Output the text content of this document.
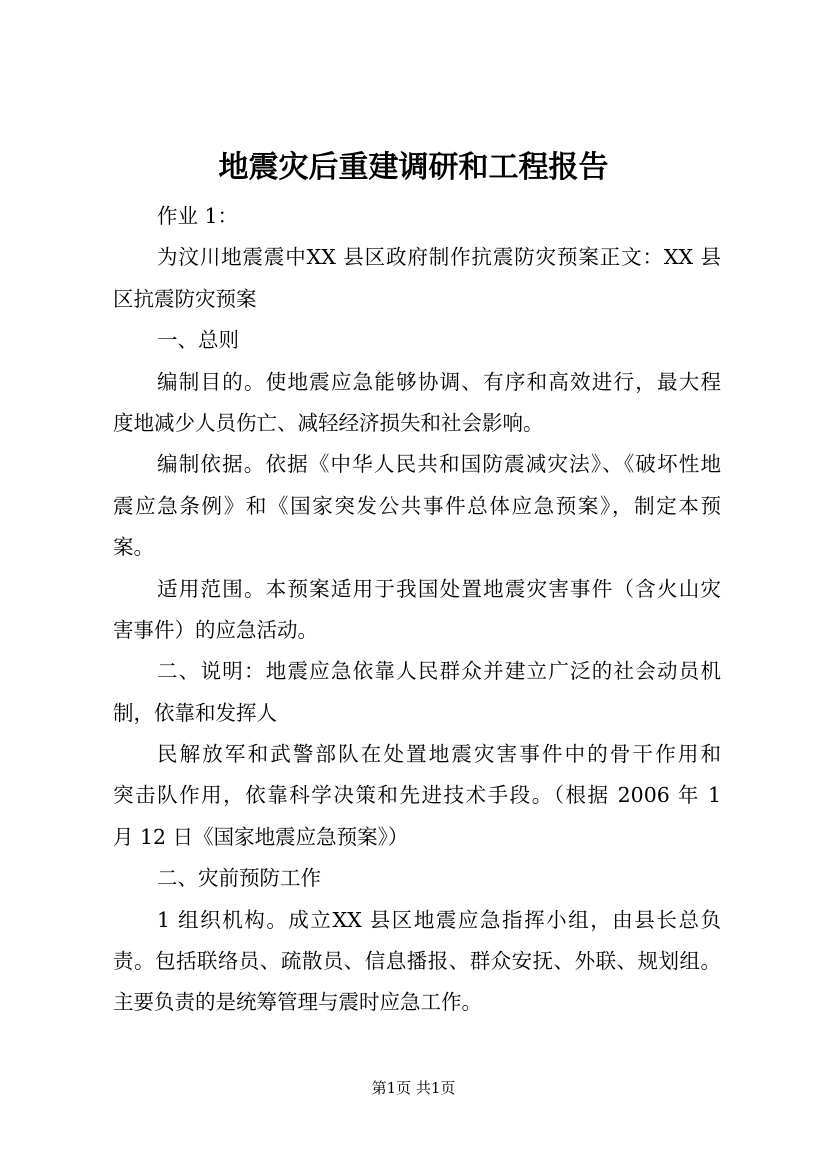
地震灾后重建调研和工程报告
作业 1：
为汶川地震震中XX 县区政府制作抗震防灾预案正文：XX 县
区抗震防灾预案
一、总则
编制目的。使地震应急能够协调、有序和高效进行，最大程
度地减少人员伤亡、减轻经济损失和社会影响。
编制依据。依据《中华人民共和国防震减灾法》、《破坏性地
震应急条例》和《国家突发公共事件总体应急预案》，制定本预
案。
适用范围。本预案适用于我国处置地震灾害事件（含火山灾
害事件）的应急活动。
二、说明：地震应急依靠人民群众并建立广泛的社会动员机
制，依靠和发挥人
民解放军和武警部队在处置地震灾害事件中的骨干作用和
突击队作用，依靠科学决策和先进技术手段。（根据 2006 年 1
月 12 日《国家地震应急预案》）
二、灾前预防工作
1 组织机构。成立XX 县区地震应急指挥小组，由县长总负
责。包括联络员、疏散员、信息播报、群众安抚、外联、规划组。
主要负责的是统筹管理与震时应急工作。
第1页 共1页
